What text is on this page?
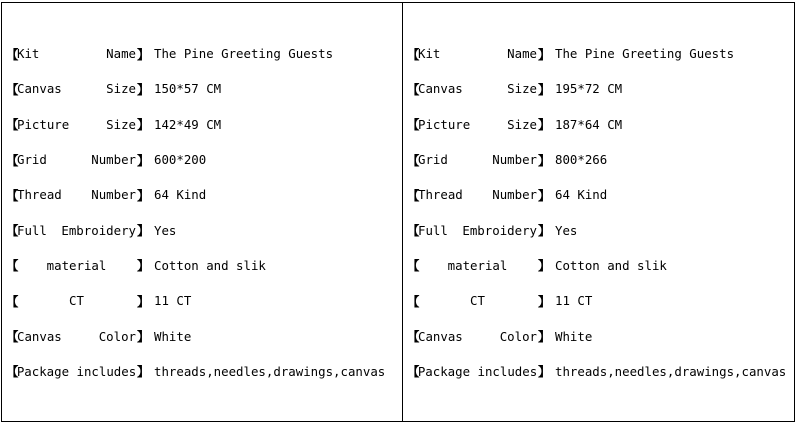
【
Kit	Name 】 The Pine Greeting Guests
【
Canvas	Size 】 150*57 CM
【
Picture	Size 】 142*49 CM
【
Grid	Number 】 600*200
【
Thread Number 】 64 Kind
【
Full Embroidery 】 Yes
【 material 】 Cotton and slik
【	CT	】 11 CT
【
Canvas	Color 】 White
【
Package includes 】 threads,needles,drawings,canvas
【
Kit	Name 】 The Pine Greeting Guests
【
Canvas	Size 】 195*72 CM
【
Picture	Size 】 187*64 CM
【
Grid	Number 】 800*266
【
Thread Number 】 64 Kind
【
Full Embroidery 】 Yes
【 material 】 Cotton and slik
【	CT	】 11 CT
【
Canvas	Color 】 White
【
Package includes 】 threads,needles,drawings,canvas
